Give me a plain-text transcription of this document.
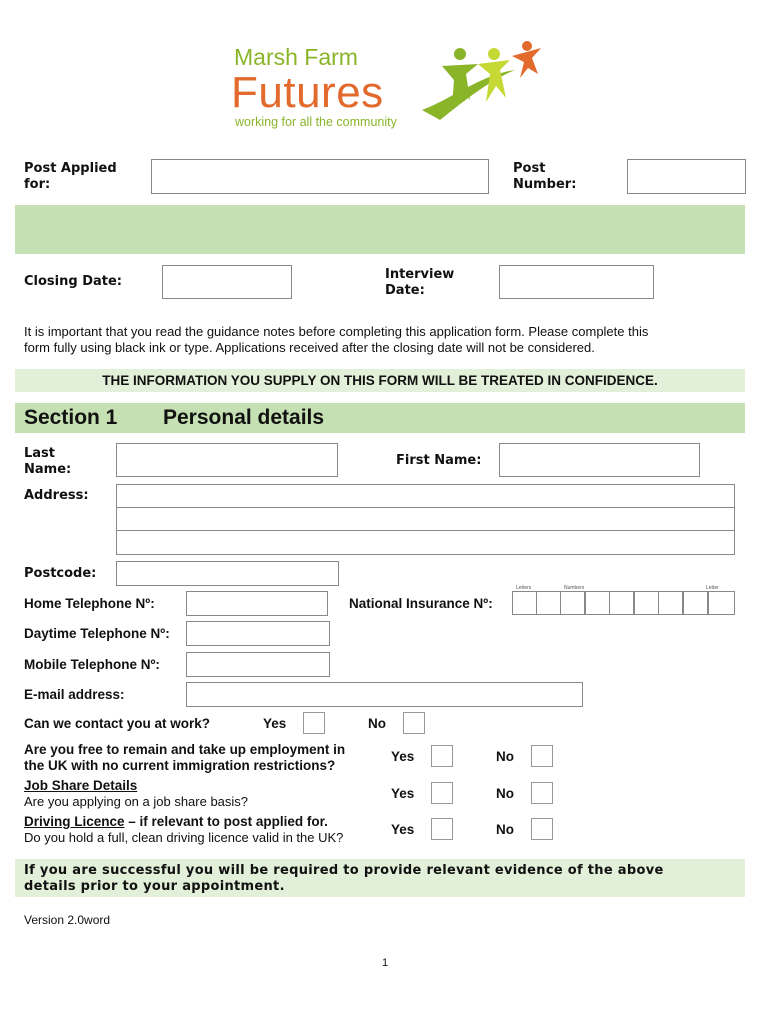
Marsh Farm
Futures
working for all the community
Post Applied
for:
Post
Number:
Closing Date:	Interview
Date:
It is important that you read the guidance notes before completing this application form. Please complete this
form fully using black ink or type. Applications received after the closing date will not be considered.
THE INFORMATION YOU SUPPLY ON THIS FORM WILL BE TREATED IN CONFIDENCE.
Section 1 Personal details
Last
Name:
First Name:
Address:
Postcode:
Home Telephone Nº:	National Insurance Nº:
Letters	Numbers	Letter
Daytime Telephone Nº:
Mobile Telephone Nº:
E-mail address:
Can we contact you at work?	Yes	No
Are you free to remain and take up employment in
the UK with no current immigration restrictions?
Yes	No
Job Share Details
Are you applying on a job share basis?
Yes	No
Driving Licence – if relevant to post applied for.
Do you hold a full, clean driving licence valid in the UK?
Yes	No
If you are successful you will be required to provide relevant evidence of the above
details prior to your appointment.
Version 2.0word
1
